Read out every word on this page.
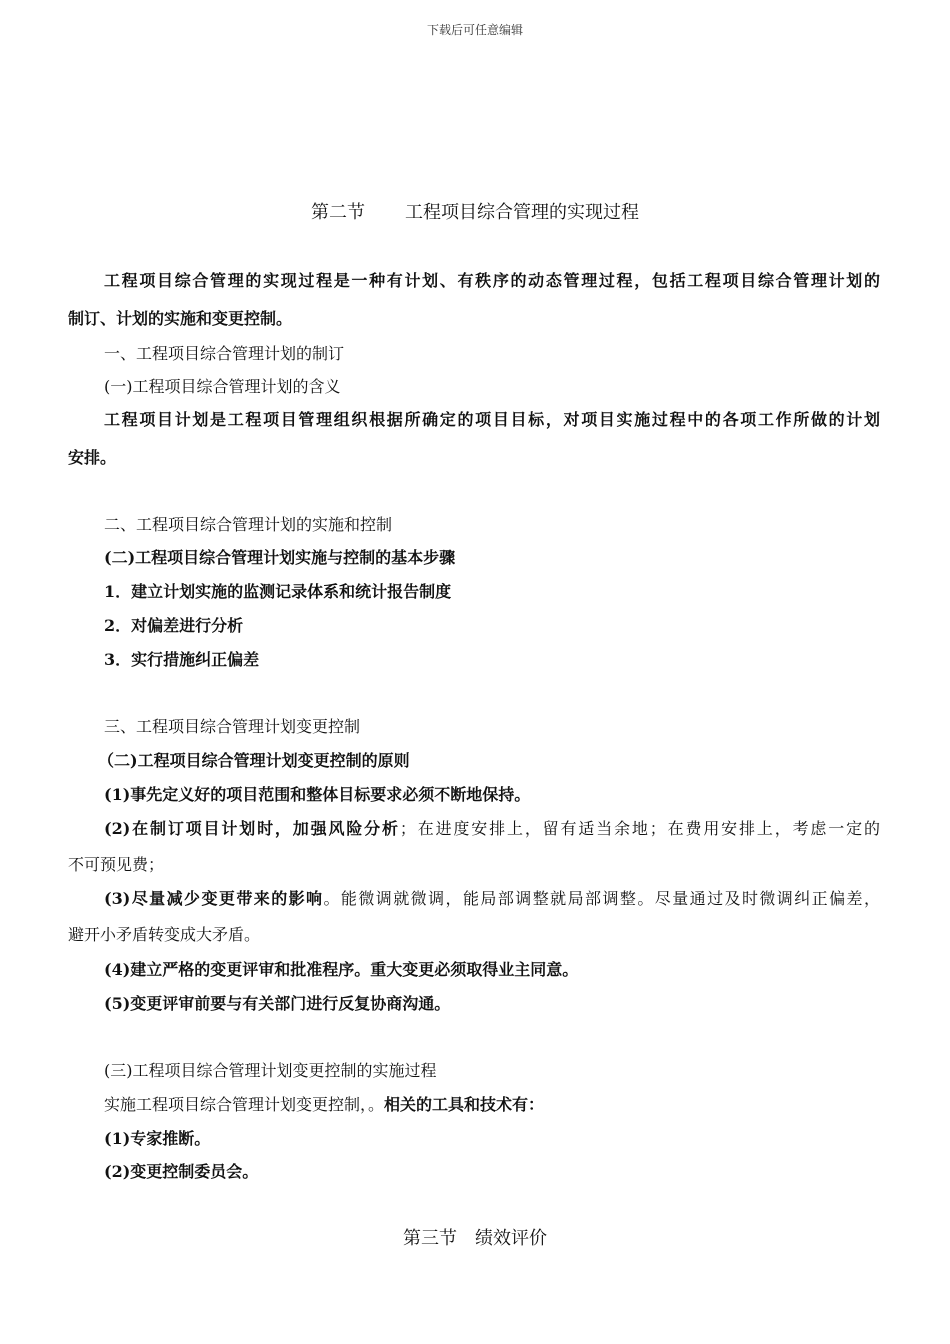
下载后可任意编辑
第二节 工程项目综合管理的实现过程
工程项目综合管理的实现过程是一种有计划、有秩序的动态管理过程，包括工程项目综合管理计划的
制订、计划的实施和变更控制。
一、工程项目综合管理计划的制订
(一)工程项目综合管理计划的含义
工程项目计划是工程项目管理组织根据所确定的项目目标，对项目实施过程中的各项工作所做的计划
安排。
二、工程项目综合管理计划的实施和控制
(二)工程项目综合管理计划实施与控制的基本步骤
1．建立计划实施的监测记录体系和统计报告制度
2．对偏差进行分析
3．实行措施纠正偏差
三、工程项目综合管理计划变更控制
（二)工程项目综合管理计划变更控制的原则
(1)事先定义好的项目范围和整体目标要求必须不断地保持。
(2)在制订项目计划时，加强风险分析；在进度安排上，留有适当余地；在费用安排上，考虑一定的
不可预见费；
(3)尽量减少变更带来的影响。能微调就微调，能局部调整就局部调整。尽量通过及时微调纠正偏差，
避开小矛盾转变成大矛盾。
(4)建立严格的变更评审和批准程序。重大变更必须取得业主同意。
(5)变更评审前要与有关部门进行反复协商沟通。
(三)工程项目综合管理计划变更控制的实施过程
实施工程项目综合管理计划变更控制，。相关的工具和技术有：
(1)专家推断。
(2)变更控制委员会。
第三节 绩效评价
